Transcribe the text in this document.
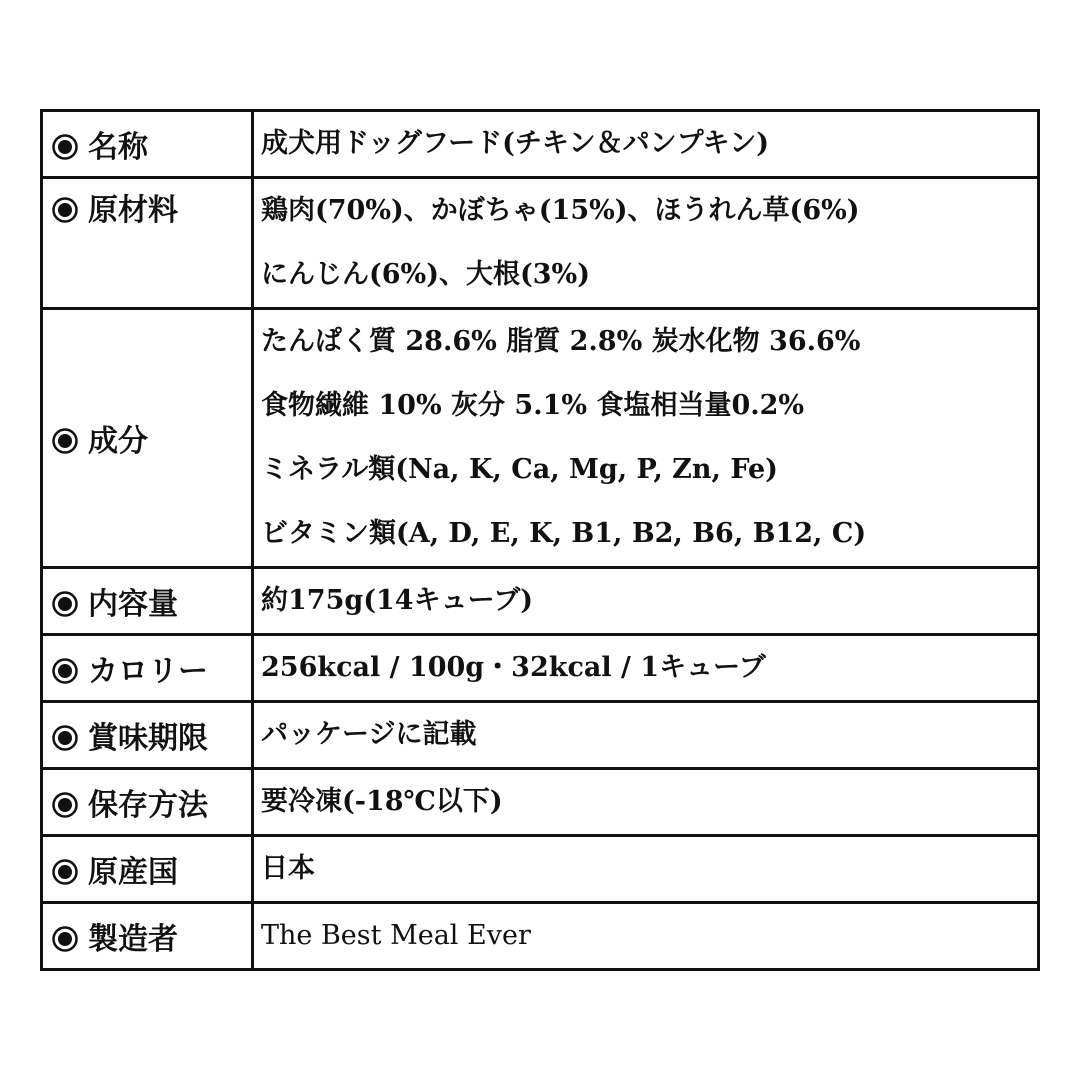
名称	成犬用ドッグフード(チキン＆パンプキン)

原材料	鶏肉(70%)、かぼちゃ(15%)、ほうれん草(6%)
にんじん(6%)、大根(3%)

成分	たんぱく質 28.6% 脂質 2.8% 炭水化物 36.6%
食物繊維 10% 灰分 5.1% 食塩相当量0.2%
ミネラル類(Na, K, Ca, Mg, P, Zn, Fe)
ビタミン類(A, D, E, K, B1, B2, B6, B12, C)

内容量	約175g(14キューブ)

カロリー	256kcal / 100g・32kcal / 1キューブ

賞味期限	パッケージに記載

保存方法	要冷凍(-18℃以下)

原産国	日本

製造者	The Best Meal Ever
